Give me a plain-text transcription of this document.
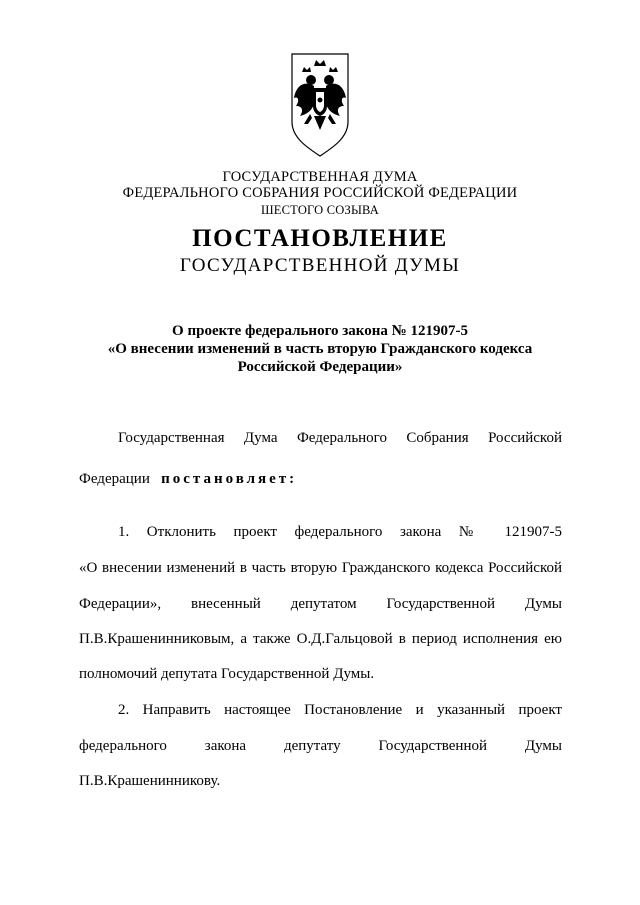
ГОСУДАРСТВЕННАЯ ДУМА
ФЕДЕРАЛЬНОГО СОБРАНИЯ РОССИЙСКОЙ ФЕДЕРАЦИИ
ШЕСТОГО СОЗЫВА
ПОСТАНОВЛЕНИЕ
ГОСУДАРСТВЕННОЙ ДУМЫ
О проекте федерального закона № 121907-5
«О внесении изменений в часть вторую Гражданского кодекса
Российской Федерации»
Государственная Дума Федерального Собрания Российской
Федерации постановляет:
1. Отклонить проект федерального закона № 121907-5
«О внесении изменений в часть вторую Гражданского кодекса Российской
Федерации», внесенный депутатом Государственной Думы
П.В.Крашенинниковым, а также О.Д.Гальцовой в период исполнения ею
полномочий депутата Государственной Думы.
2. Направить настоящее Постановление и указанный проект
федерального закона депутату Государственной Думы
П.В.Крашенинникову.
